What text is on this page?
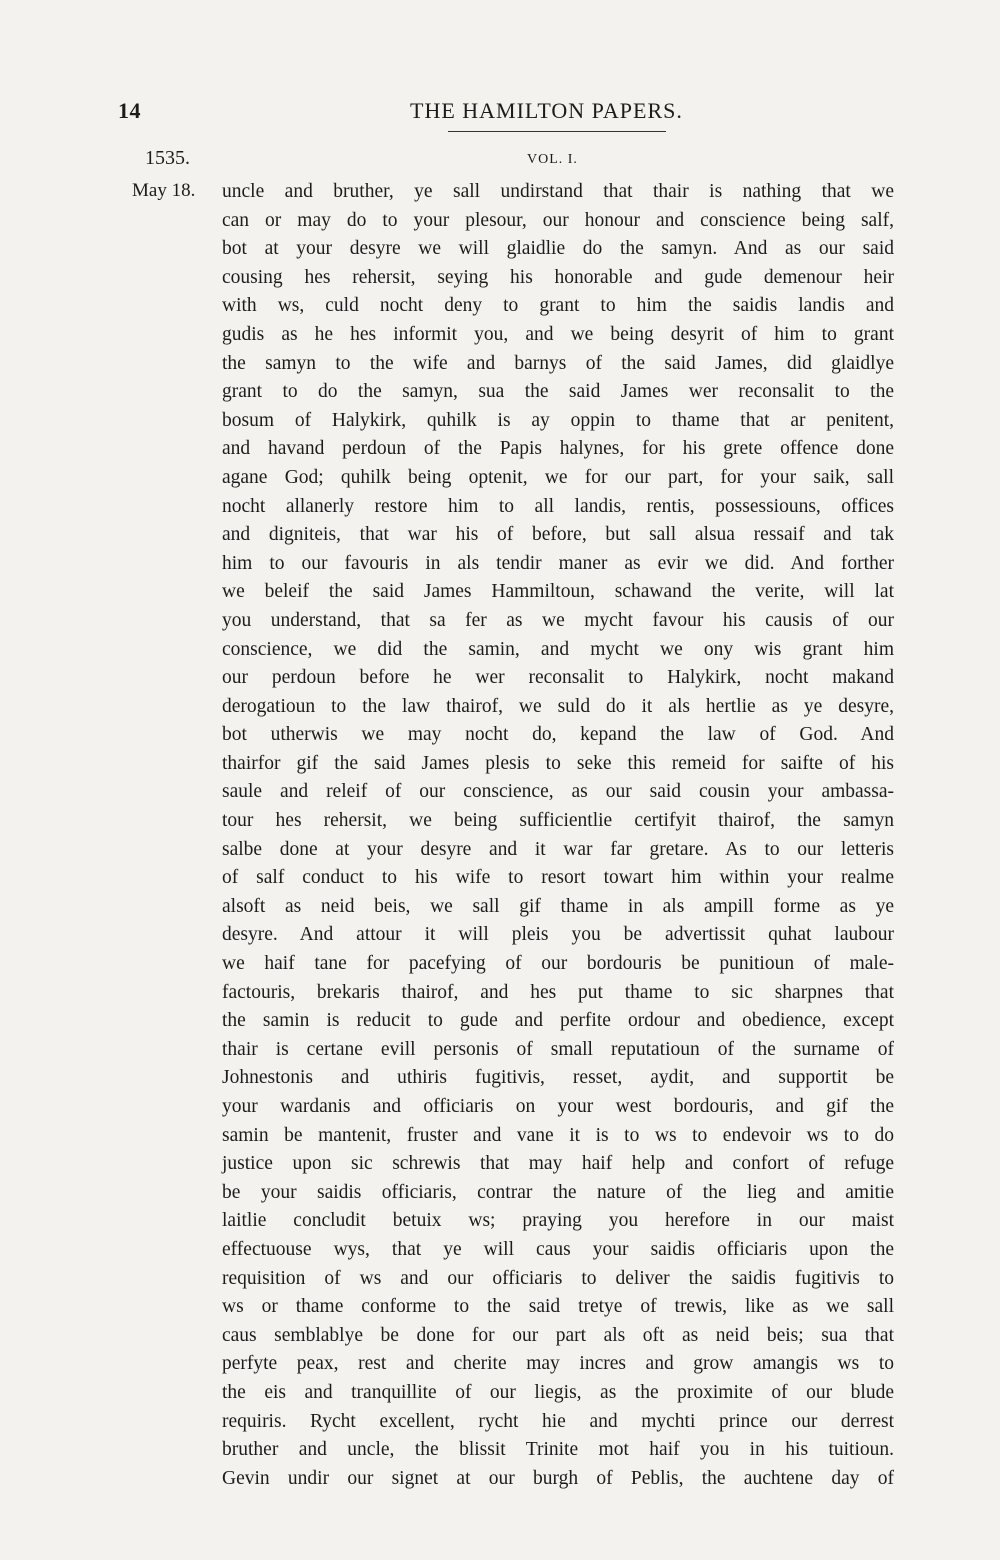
14	THE HAMILTON PAPERS.
1535.	VOL. I.
May 18. uncle and bruther, ye sall undirstand that thair is nathing that we
can or may do to your plesour, our honour and conscience being salf,
bot at your desyre we will glaidlie do the samyn. And as our said
cousing hes rehersit, seying his honorable and gude demenour heir
with ws, culd nocht deny to grant to him the saidis landis and
gudis as he hes informit you, and we being desyrit of him to grant
the samyn to the wife and barnys of the said James, did glaidlye
grant to do the samyn, sua the said James wer reconsalit to the
bosum of Halykirk, quhilk is ay oppin to thame that ar penitent,
and havand perdoun of the Papis halynes, for his grete offence done
agane God; quhilk being optenit, we for our part, for your saik, sall
nocht allanerly restore him to all landis, rentis, possessiouns, offices
and digniteis, that war his of before, but sall alsua ressaif and tak
him to our favouris in als tendir maner as evir we did. And forther
we beleif the said James Hammiltoun, schawand the verite, will lat
you understand, that sa fer as we mycht favour his causis of our
conscience, we did the samin, and mycht we ony wis grant him
our perdoun before he wer reconsalit to Halykirk, nocht makand
derogatioun to the law thairof, we suld do it als hertlie as ye desyre,
bot utherwis we may nocht do, kepand the law of God. And
thairfor gif the said James plesis to seke this remeid for saifte of his
saule and releif of our conscience, as our said cousin your ambassa-
tour hes rehersit, we being sufficientlie certifyit thairof, the samyn
salbe done at your desyre and it war far gretare. As to our letteris
of salf conduct to his wife to resort towart him within your realme
alsoft as neid beis, we sall gif thame in als ampill forme as ye
desyre. And attour it will pleis you be advertissit quhat laubour
we haif tane for pacefying of our bordouris be punitioun of male-
factouris, brekaris thairof, and hes put thame to sic sharpnes that
the samin is reducit to gude and perfite ordour and obedience, except
thair is certane evill personis of small reputatioun of the surname of
Johnestonis and uthiris fugitivis, resset, aydit, and supportit be
your wardanis and officiaris on your west bordouris, and gif the
samin be mantenit, fruster and vane it is to ws to endevoir ws to do
justice upon sic schrewis that may haif help and confort of refuge
be your saidis officiaris, contrar the nature of the lieg and amitie
laitlie concludit betuix ws; praying you herefore in our maist
effectuouse wys, that ye will caus your saidis officiaris upon the
requisition of ws and our officiaris to deliver the saidis fugitivis to
ws or thame conforme to the said tretye of trewis, like as we sall
caus semblablye be done for our part als oft as neid beis; sua that
perfyte peax, rest and cherite may incres and grow amangis ws to
the eis and tranquillite of our liegis, as the proximite of our blude
requiris. Rycht excellent, rycht hie and mychti prince our derrest
bruther and uncle, the blissit Trinite mot haif you in his tuitioun.
Gevin undir our signet at our burgh of Peblis, the auchtene day of
